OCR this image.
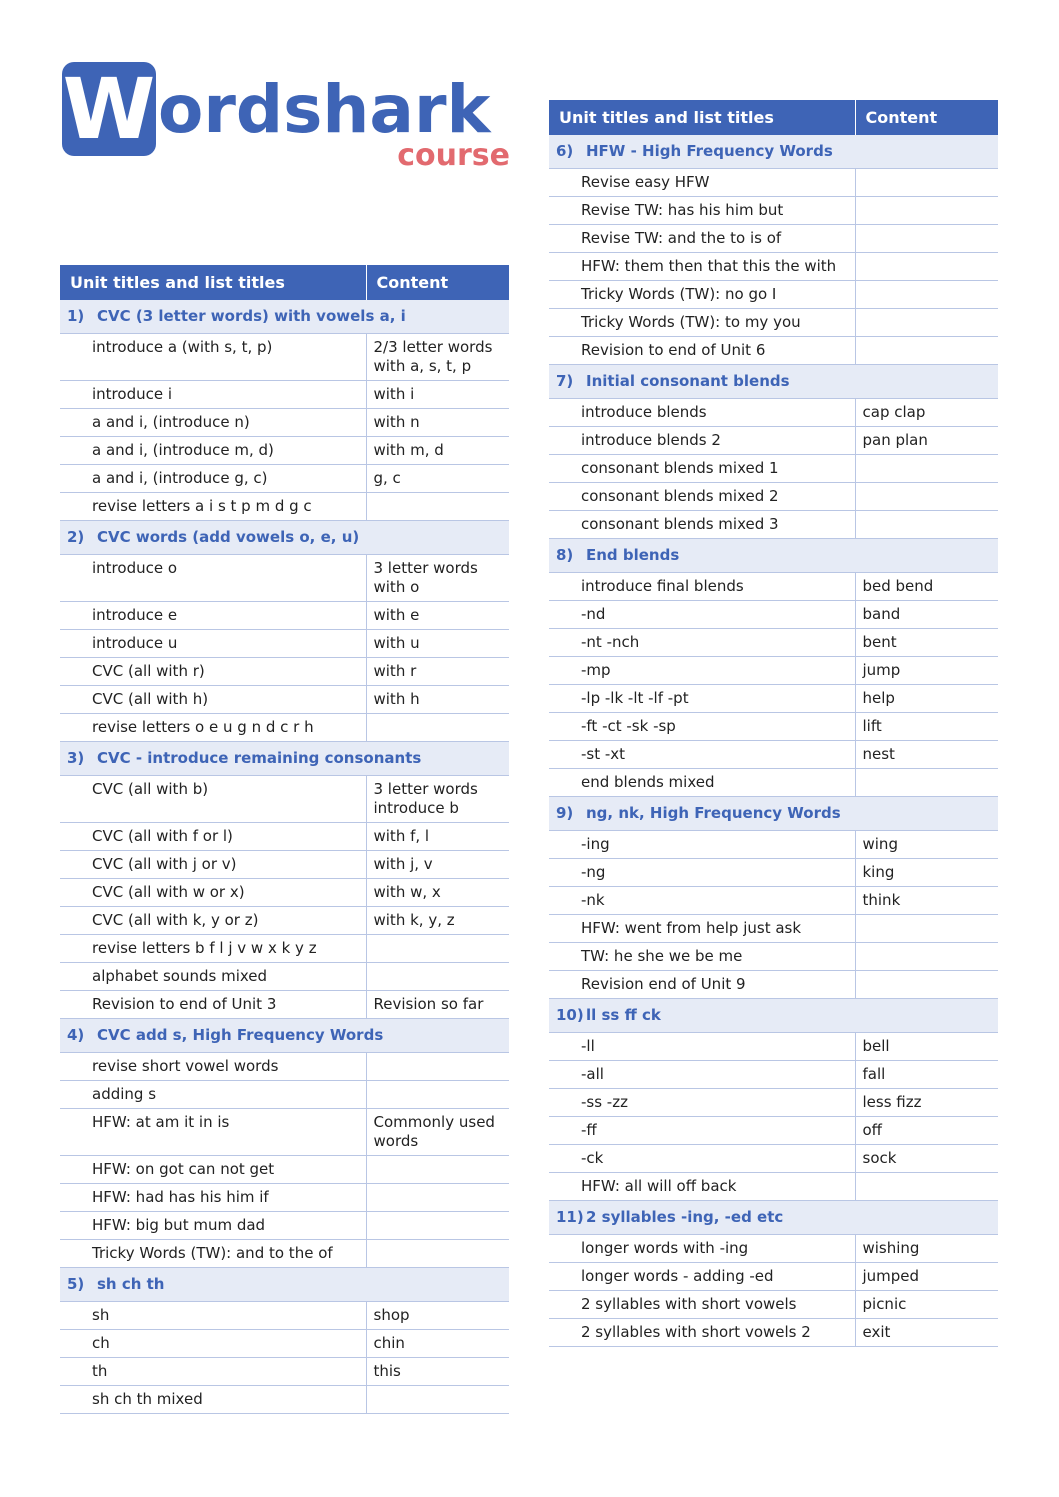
W ordshark
course
Unit titles and list titles	Content
1) CVC (3 letter words) with vowels a, i	
introduce a (with s, t, p)	2/3 letter words with a, s, t, p
introduce i	with i
a and i, (introduce n)	with n
a and i, (introduce m, d)	with m, d
a and i, (introduce g, c)	g, c
revise letters a i s t p m d g c	
2) CVC words (add vowels o, e, u)	
introduce o	3 letter words with o
introduce e	with e
introduce u	with u
CVC (all with r)	with r
CVC (all with h)	with h
revise letters o e u g n d c r h	
3) CVC - introduce remaining consonants	
CVC (all with b)	3 letter words introduce b
CVC (all with f or l)	with f, l
CVC (all with j or v)	with j, v
CVC (all with w or x)	with w, x
CVC (all with k, y or z)	with k, y, z
revise letters b f l j v w x k y z	
alphabet sounds mixed	
Revision to end of Unit 3	Revision so far
4) CVC add s, High Frequency Words	
revise short vowel words	
adding s	
HFW: at am it in is	Commonly used words
HFW: on got can not get	
HFW: had has his him if	
HFW: big but mum dad	
Tricky Words (TW): and to the of	
5) sh ch th	
sh	shop
ch	chin
th	this
sh ch th mixed	
Unit titles and list titles	Content
6) HFW - High Frequency Words	
Revise easy HFW	
Revise TW: has his him but	
Revise TW: and the to is of	
HFW: them then that this the with	
Tricky Words (TW): no go I	
Tricky Words (TW): to my you	
Revision to end of Unit 6	
7) Initial consonant blends	
introduce blends	cap clap
introduce blends 2	pan plan
consonant blends mixed 1	
consonant blends mixed 2	
consonant blends mixed 3	
8) End blends	
introduce final blends	bed bend
-nd	band
-nt -nch	bent
-mp	jump
-lp -lk -lt -lf -pt	help
-ft -ct -sk -sp	lift
-st -xt	nest
end blends mixed	
9) ng, nk, High Frequency Words	
-ing	wing
-ng	king
-nk	think
HFW: went from help just ask	
TW: he she we be me	
Revision end of Unit 9	
10) ll ss ff ck	
-ll	bell
-all	fall
-ss -zz	less fizz
-ff	off
-ck	sock
HFW: all will off back	
11) 2 syllables -ing, -ed etc	
longer words with -ing	wishing
longer words - adding -ed	jumped
2 syllables with short vowels	picnic
2 syllables with short vowels 2	exit
